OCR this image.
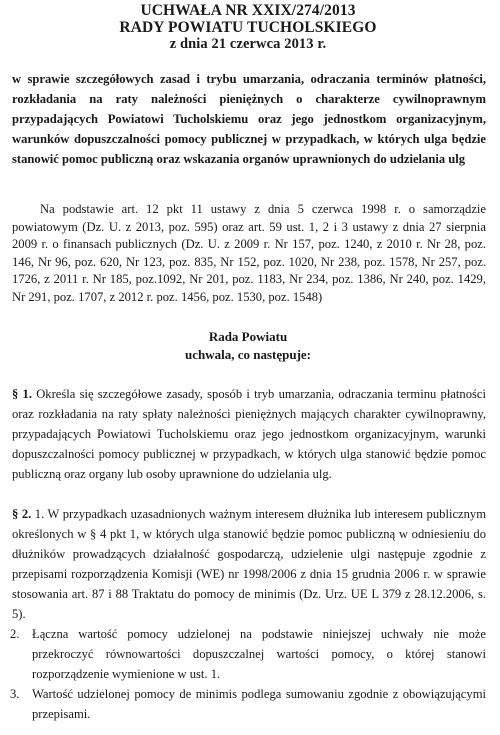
UCHWAŁA NR XXIX/274/2013

RADY POWIATU TUCHOLSKIEGO

z dnia 21 czerwca 2013 r.

w sprawie szczegółowych zasad i trybu umarzania, odraczania terminów płatności, rozkładania na raty należności pieniężnych o charakterze cywilnoprawnym przypadających Powiatowi Tucholskiemu oraz jego jednostkom organizacyjnym, warunków dopuszczalności pomocy publicznej w przypadkach, w których ulga będzie stanowić pomoc publiczną oraz wskazania organów uprawnionych do udzielania ulg

Na podstawie art. 12 pkt 11 ustawy z dnia 5 czerwca 1998 r. o samorządzie powiatowym (Dz. U. z 2013, poz. 595) oraz art. 59 ust. 1, 2 i 3 ustawy z dnia 27 sierpnia 2009 r. o finansach publicznych (Dz. U. z 2009 r. Nr 157, poz. 1240, z 2010 r. Nr 28, poz. 146, Nr 96, poz. 620, Nr 123, poz. 835, Nr 152, poz. 1020, Nr 238, poz. 1578, Nr 257, poz. 1726, z 2011 r. Nr 185, poz.1092, Nr 201, poz. 1183, Nr 234, poz. 1386, Nr 240, poz. 1429, Nr 291, poz. 1707, z 2012 r. poz. 1456, poz. 1530, poz. 1548)

Rada Powiatu

uchwala, co następuje:

§ 1. Określa się szczegółowe zasady, sposób i tryb umarzania, odraczania terminu płatności oraz rozkładania na raty spłaty należności pieniężnych mających charakter cywilnoprawny, przypadających Powiatowi Tucholskiemu oraz jego jednostkom organizacyjnym, warunki dopuszczalności pomocy publicznej w przypadkach, w których ulga stanowić będzie pomoc publiczną oraz organy lub osoby uprawnione do udzielania ulg.

§ 2. 1. W przypadkach uzasadnionych ważnym interesem dłużnika lub interesem publicznym określonych w § 4 pkt 1, w których ulga stanowić będzie pomoc publiczną w odniesieniu do dłużników prowadzących działalność gospodarczą, udzielenie ulgi następuje zgodnie z przepisami rozporządzenia Komisji (WE) nr 1998/2006 z dnia 15 grudnia 2006 r. w sprawie stosowania art. 87 i 88 Traktatu do pomocy de minimis (Dz. Urz. UE L 379 z 28.12.2006, s. 5).

2. Łączna wartość pomocy udzielonej na podstawie niniejszej uchwały nie może przekroczyć równowartości dopuszczalnej wartości pomocy, o której stanowi rozporządzenie wymienione w ust. 1.
3. Wartość udzielonej pomocy de minimis podlega sumowaniu zgodnie z obowiązującymi przepisami.
